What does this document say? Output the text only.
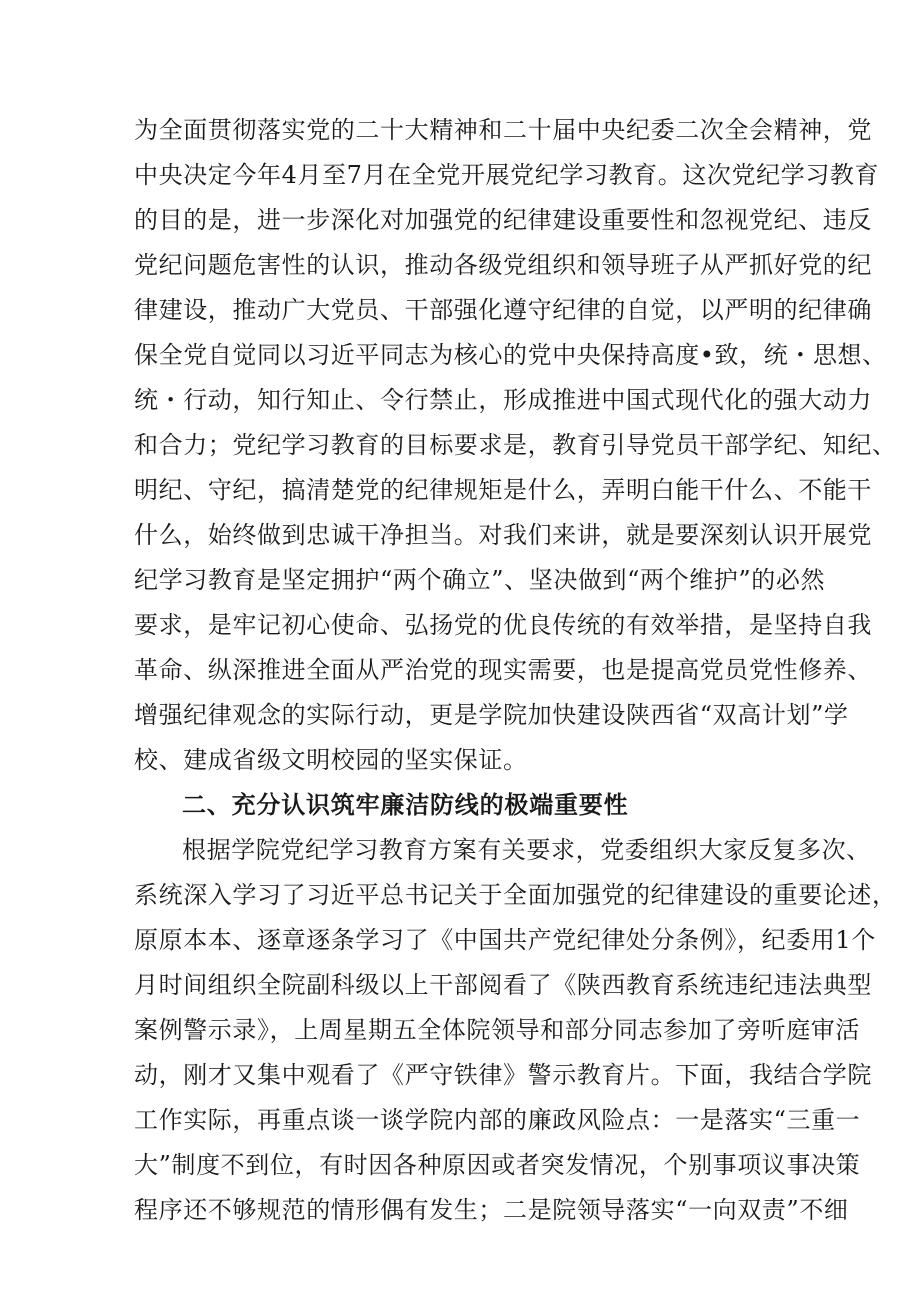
为全面贯彻落实党的二十大精神和二十届中央纪委二次全会精神，党
中央决定今年4月至7月在全党开展党纪学习教育。这次党纪学习教育
的目的是，进一步深化对加强党的纪律建设重要性和忽视党纪、违反
党纪问题危害性的认识，推动各级党组织和领导班子从严抓好党的纪
律建设，推动广大党员、干部强化遵守纪律的自觉，以严明的纪律确
保全党自觉同以习近平同志为核心的党中央保持高度•致，统・思想、
统・行动，知行知止、令行禁止，形成推进中国式现代化的强大动力
和合力；党纪学习教育的目标要求是，教育引导党员干部学纪、知纪、
明纪、守纪，搞清楚党的纪律规矩是什么，弄明白能干什么、不能干
什么，始终做到忠诚干净担当。对我们来讲，就是要深刻认识开展党
纪学习教育是坚定拥护“两个确立”、坚决做到“两个维护”的必然
要求，是牢记初心使命、弘扬党的优良传统的有效举措，是坚持自我
革命、纵深推进全面从严治党的现实需要，也是提高党员党性修养、
增强纪律观念的实际行动，更是学院加快建设陕西省“双高计划”学
校、建成省级文明校园的坚实保证。
二、充分认识筑牢廉洁防线的极端重要性
根据学院党纪学习教育方案有关要求，党委组织大家反复多次、
系统深入学习了习近平总书记关于全面加强党的纪律建设的重要论述，
原原本本、逐章逐条学习了《中国共产党纪律处分条例》，纪委用1个
月时间组织全院副科级以上干部阅看了《陕西教育系统违纪违法典型
案例警示录》，上周星期五全体院领导和部分同志参加了旁听庭审活
动，刚才又集中观看了《严守铁律》警示教育片。下面，我结合学院
工作实际，再重点谈一谈学院内部的廉政风险点：一是落实“三重一
大”制度不到位，有时因各种原因或者突发情况，个别事项议事决策
程序还不够规范的情形偶有发生；二是院领导落实“一向双责”不细
